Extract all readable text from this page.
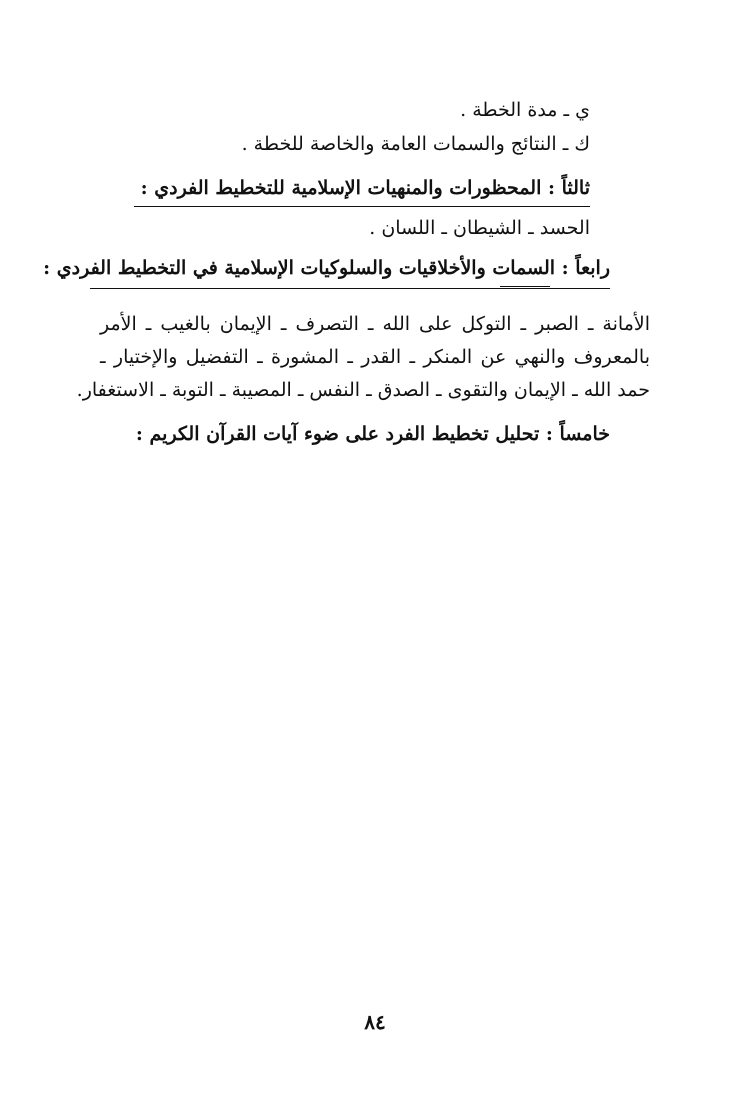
ي ـ مدة الخطة .
ك ـ النتائج والسمات العامة والخاصة للخطة .
ثالثاً : المحظورات والمنهيات الإسلامية للتخطيط الفردي :
الحسد ـ الشيطان ـ اللسان .
رابعاً : السمات والأخلاقيات والسلوكيات الإسلامية في التخطيط الفردي :
الأمانة ـ الصبر ـ التوكل على الله ـ التصرف ـ الإيمان بالغيب ـ الأمر
بالمعروف والنهي عن المنكر ـ القدر ـ المشورة ـ التفضيل والإختيار ـ
حمد الله ـ الإيمان والتقوى ـ الصدق ـ النفس ـ المصيبة ـ التوبة ـ الاستغفار.
خامساً : تحليل تخطيط الفرد على ضوء آيات القرآن الكريم :
٨٤
